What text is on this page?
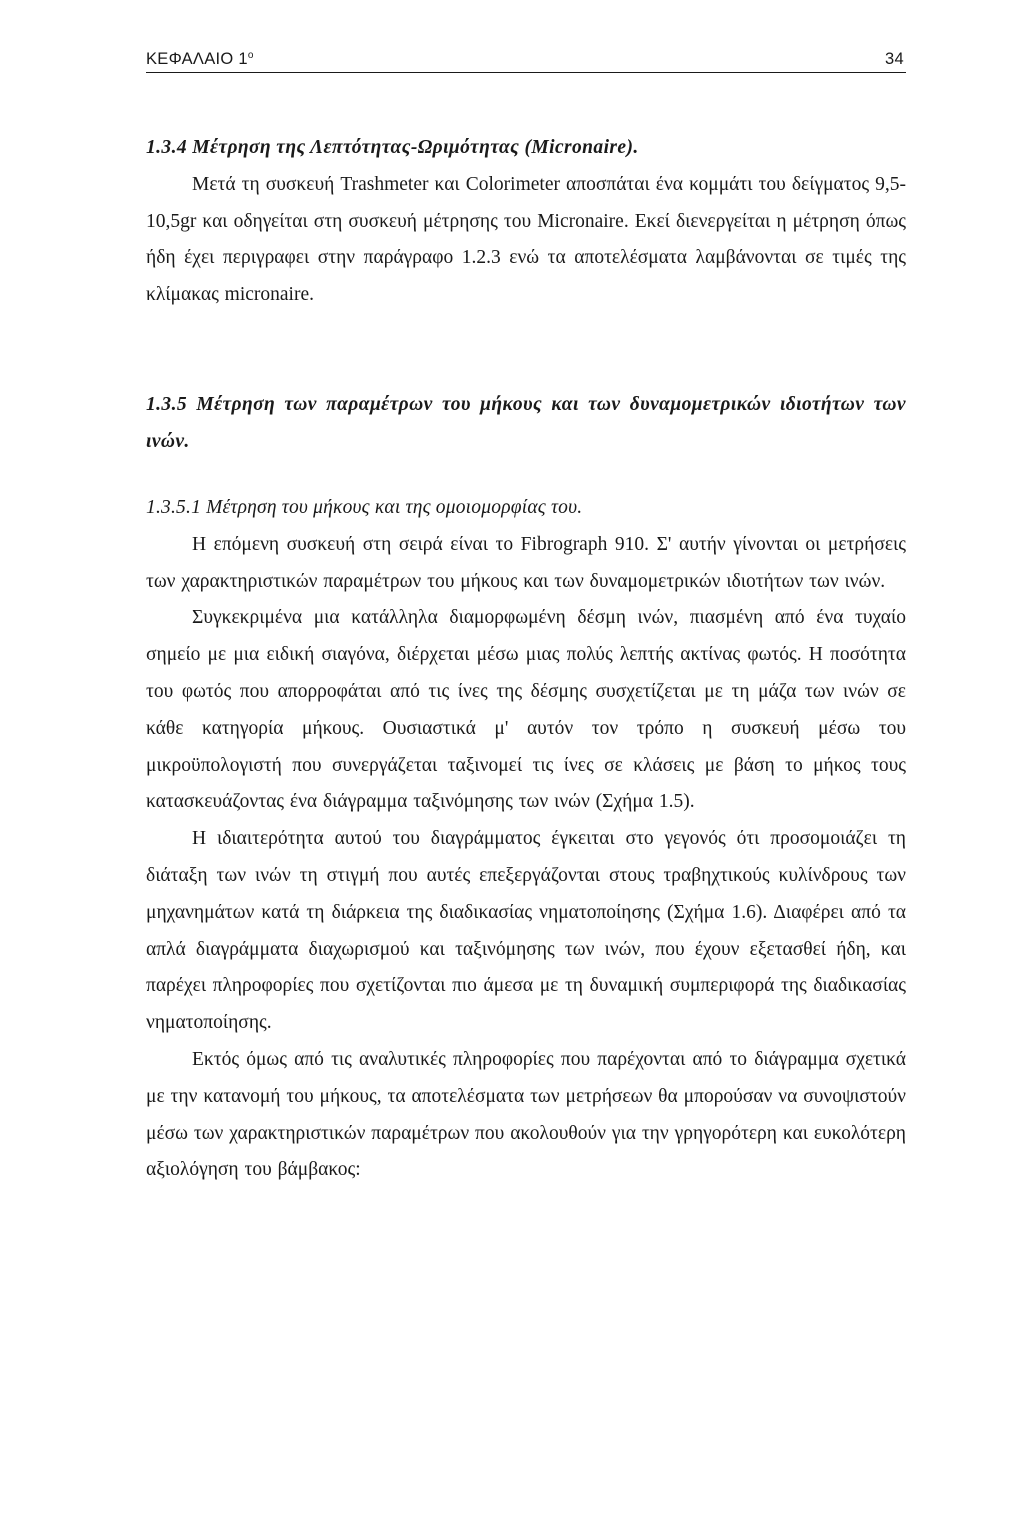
ΚΕΦΑΛΑΙΟ $1^o$	34
1.3.4 Μέτρηση της Λεπτότητας-Ωριμότητας (Micronaire).

Μετά τη συσκευή Trashmeter και Colorimeter αποσπάται ένα κομμάτι του δείγματος 9,5-10,5gr και οδηγείται στη συσκευή μέτρησης του Micronaire. Εκεί διενεργείται η μέτρηση όπως ήδη έχει περιγραφει στην παράγραφο 1.2.3 ενώ τα αποτελέσματα λαμβάνονται σε τιμές της κλίμακας micronaire.

1.3.5 Μέτρηση των παραμέτρων του μήκους και των δυναμομετρικών ιδιοτήτων των ινών.
1.3.5.1 Μέτρηση του μήκους και της ομοιομορφίας του.

Η επόμενη συσκευή στη σειρά είναι το Fibrograph 910. Σ' αυτήν γίνονται οι μετρήσεις των χαρακτηριστικών παραμέτρων του μήκους και των δυναμομετρικών ιδιοτήτων των ινών.

Συγκεκριμένα μια κατάλληλα διαμορφωμένη δέσμη ινών, πιασμένη από ένα τυχαίο σημείο με μια ειδική σιαγόνα, διέρχεται μέσω μιας πολύς λεπτής ακτίνας φωτός. Η ποσότητα του φωτός που απορροφάται από τις ίνες της δέσμης συσχετίζεται με τη μάζα των ινών σε κάθε κατηγορία μήκους. Ουσιαστικά μ' αυτόν τον τρόπο η συσκευή μέσω του μικροϋπολογιστή που συνεργάζεται ταξινομεί τις ίνες σε κλάσεις με βάση το μήκος τους κατασκευάζοντας ένα διάγραμμα ταξινόμησης των ινών (Σχήμα 1.5).

Η ιδιαιτερότητα αυτού του διαγράμματος έγκειται στο γεγονός ότι προσομοιάζει τη διάταξη των ινών τη στιγμή που αυτές επεξεργάζονται στους τραβηχτικούς κυλίνδρους των μηχανημάτων κατά τη διάρκεια της διαδικασίας νηματοποίησης (Σχήμα 1.6). Διαφέρει από τα απλά διαγράμματα διαχωρισμού και ταξινόμησης των ινών, που έχουν εξετασθεί ήδη, και παρέχει πληροφορίες που σχετίζονται πιο άμεσα με τη δυναμική συμπεριφορά της διαδικασίας νηματοποίησης.

Εκτός όμως από τις αναλυτικές πληροφορίες που παρέχονται από το διάγραμμα σχετικά με την κατανομή του μήκους, τα αποτελέσματα των μετρήσεων θα μπορούσαν να συνοψιστούν μέσω των χαρακτηριστικών παραμέτρων που ακολουθούν για την γρηγορότερη και ευκολότερη αξιολόγηση του βάμβακος:
